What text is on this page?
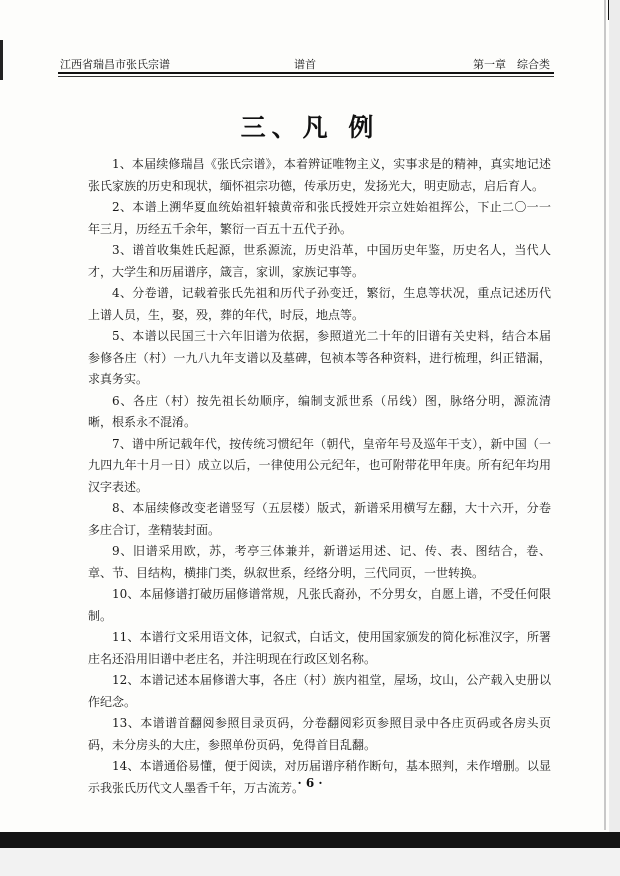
江西省瑞昌市张氏宗谱	谱首	第一章　综合类
三、凡 例

1、本届续修瑞昌《张氏宗谱》，本着辨证唯物主义，实事求是的精神，真实地记述张氏家族的历史和现状，缅怀祖宗功德，传承历史，发扬光大，明吏励志，启后育人。

2、本谱上溯华夏血统始祖轩辕黄帝和张氏授姓开宗立姓始祖挥公，下止二〇一一年三月，历经五千余年，繁衍一百五十五代子孙。

3、谱首收集姓氏起源，世系源流，历史沿革，中国历史年鉴，历史名人，当代人才，大学生和历届谱序，箴言，家训，家族记事等。

4、分卷谱，记载着张氏先祖和历代子孙变迁，繁衍，生息等状况，重点记述历代上谱人员，生，娶，殁，葬的年代，时辰，地点等。

5、本谱以民国三十六年旧谱为依据，参照道光二十年的旧谱有关史料，结合本届参修各庄（村）一九八九年支谱以及墓碑，包祯本等各种资料，进行梳理，纠正错漏，求真务实。

6、各庄（村）按先祖长幼顺序，编制支派世系（吊线）图，脉络分明，源流清晰，根系永不混淆。

7、谱中所记载年代，按传统习惯纪年（朝代，皇帝年号及巡年干支），新中国（一九四九年十月一日）成立以后，一律使用公元纪年，也可附带花甲年庚。所有纪年均用汉字表述。

8、本届续修改变老谱竖写（五层楼）版式，新谱采用横写左翻，大十六开，分卷多庄合订，垄精装封面。

9、旧谱采用欧，苏，考亭三体兼并，新谱运用述、记、传、表、图结合，卷、章、节、目结构，横排门类，纵叙世系，经络分明，三代同页，一世转换。

10、本届修谱打破历届修谱常规，凡张氏裔孙，不分男女，自愿上谱，不受任何限制。

11、本谱行文采用语文体，记叙式，白话文，使用国家颁发的简化标准汉字，所署庄名还沿用旧谱中老庄名，并注明现在行政区划名称。

12、本谱记述本届修谱大事，各庄（村）族内祖堂，屋场，坟山，公产载入史册以作纪念。

13、本谱谱首翻阅参照目录页码，分卷翻阅彩页参照目录中各庄页码或各房头页码，未分房头的大庄，参照单份页码，免得首目乱翻。

14、本谱通俗易懂，便于阅读，对历届谱序稍作断句，基本照判，未作增删。以显示我张氏历代文人墨香千年，万古流芳。

· 6 ·
